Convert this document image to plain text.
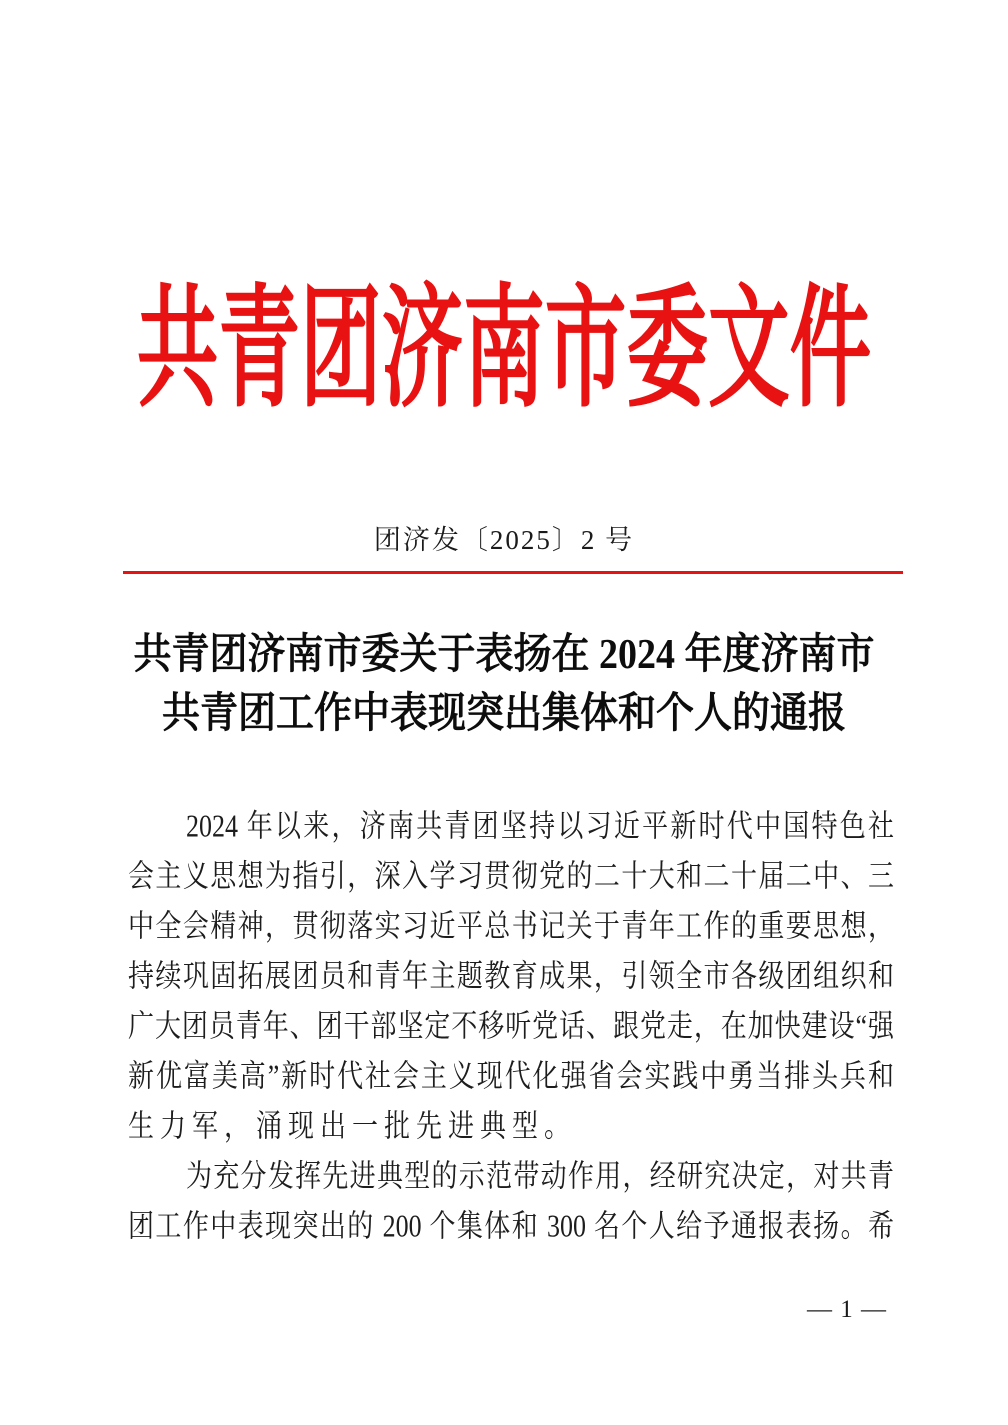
共青团济南市委文件
团济发〔2025〕2 号
共青团济南市委关于表扬在 2024 年度济南市
共青团工作中表现突出集体和个人的通报
2024 年以来，济南共青团坚持以习近平新时代中国特色社
会主义思想为指引，深入学习贯彻党的二十大和二十届二中、三
中全会精神，贯彻落实习近平总书记关于青年工作的重要思想，
持续巩固拓展团员和青年主题教育成果，引领全市各级团组织和
广大团员青年、团干部坚定不移听党话、跟党走，在加快建设“强
新优富美高”新时代社会主义现代化强省会实践中勇当排头兵和
生力军，涌现出一批先进典型。
为充分发挥先进典型的示范带动作用，经研究决定，对共青
团工作中表现突出的 200 个集体和 300 名个人给予通报表扬。希
— 1 —
